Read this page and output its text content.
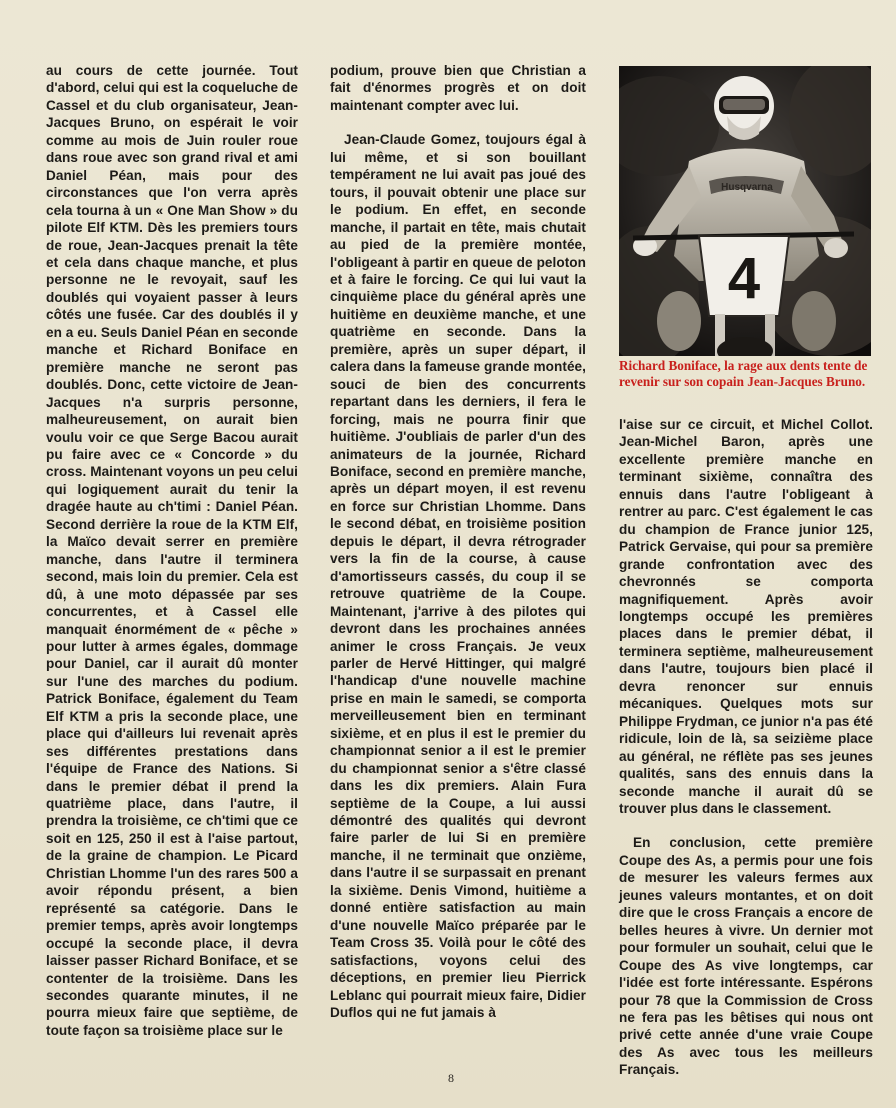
au cours de cette journée. Tout d'abord, celui qui est la coqueluche de Cassel et du club organisateur, Jean-Jacques Bruno, on espérait le voir comme au mois de Juin rouler roue dans roue avec son grand rival et ami Daniel Péan, mais pour des circonstances que l'on verra après cela tourna à un « One Man Show » du pilote Elf KTM. Dès les premiers tours de roue, Jean-Jacques prenait la tête et cela dans chaque manche, et plus personne ne le revoyait, sauf les doublés qui voyaient passer à leurs côtés une fusée. Car des doublés il y en a eu. Seuls Daniel Péan en seconde manche et Richard Boniface en première manche ne seront pas doublés. Donc, cette victoire de Jean-Jacques n'a surpris personne, malheureusement, on aurait bien voulu voir ce que Serge Bacou aurait pu faire avec ce « Concorde » du cross. Maintenant voyons un peu celui qui logiquement aurait du tenir la dragée haute au ch'timi : Daniel Péan. Second derrière la roue de la KTM Elf, la Maïco devait serrer en première manche, dans l'autre il terminera second, mais loin du premier. Cela est dû, à une moto dépassée par ses concurrentes, et à Cassel elle manquait énormément de « pêche » pour lutter à armes égales, dommage pour Daniel, car il aurait dû monter sur l'une des marches du podium. Patrick Boniface, également du Team Elf KTM a pris la seconde place, une place qui d'ailleurs lui revenait après ses différentes prestations dans l'équipe de France des Nations. Si dans le premier débat il prend la quatrième place, dans l'autre, il prendra la troisième, ce ch'timi que ce soit en 125, 250 il est à l'aise partout, de la graine de champion. Le Picard Christian Lhomme l'un des rares 500 a avoir répondu présent, a bien représenté sa catégorie. Dans le premier temps, après avoir longtemps occupé la seconde place, il devra laisser passer Richard Boniface, et se contenter de la troisième. Dans les secondes quarante minutes, il ne pourra mieux faire que septième, de toute façon sa troisième place sur le

podium, prouve bien que Christian a fait d'énormes progrès et on doit maintenant compter avec lui.

Jean-Claude Gomez, toujours égal à lui même, et si son bouillant tempérament ne lui avait pas joué des tours, il pouvait obtenir une place sur le podium. En effet, en seconde manche, il partait en tête, mais chutait au pied de la première montée, l'obligeant à partir en queue de peloton et à faire le forcing. Ce qui lui vaut la cinquième place du général après une huitième en deuxième manche, et une quatrième en seconde. Dans la première, après un super départ, il calera dans la fameuse grande montée, souci de bien des concurrents repartant dans les derniers, il fera le forcing, mais ne pourra finir que huitième. J'oubliais de parler d'un des animateurs de la journée, Richard Boniface, second en première manche, après un départ moyen, il est revenu en force sur Christian Lhomme. Dans le second débat, en troisième position depuis le départ, il devra rétrograder vers la fin de la course, à cause d'amortisseurs cassés, du coup il se retrouve quatrième de la Coupe. Maintenant, j'arrive à des pilotes qui devront dans les prochaines années animer le cross Français. Je veux parler de Hervé Hittinger, qui malgré l'handicap d'une nouvelle machine prise en main le samedi, se comporta merveilleusement bien en terminant sixième, et en plus il est le premier du championnat senior a il est le premier du championnat senior a s'être classé dans les dix premiers. Alain Fura septième de la Coupe, a lui aussi démontré des qualités qui devront faire parler de lui Si en première manche, il ne terminait que onzième, dans l'autre il se surpassait en prenant la sixième. Denis Vimond, huitième a donné entière satisfaction au main d'une nouvelle Maïco préparée par le Team Cross 35. Voilà pour le côté des satisfactions, voyons celui des déceptions, en premier lieu Pierrick Leblanc qui pourrait mieux faire, Didier Duflos qui ne fut jamais à

Husqvarna
4
Richard Boniface, la rage aux dents tente de revenir sur son copain Jean-Jacques Bruno.

l'aise sur ce circuit, et Michel Collot. Jean-Michel Baron, après une excellente première manche en terminant sixième, connaîtra des ennuis dans l'autre l'obligeant à rentrer au parc. C'est également le cas du champion de France junior 125, Patrick Gervaise, qui pour sa première grande confrontation avec des chevronnés se comporta magnifiquement. Après avoir longtemps occupé les premières places dans le premier débat, il terminera septième, malheureusement dans l'autre, toujours bien placé il devra renoncer sur ennuis mécaniques. Quelques mots sur Philippe Frydman, ce junior n'a pas été ridicule, loin de là, sa seizième place au général, ne réflète pas ses jeunes qualités, sans des ennuis dans la seconde manche il aurait dû se trouver plus dans le classement.

En conclusion, cette première Coupe des As, a permis pour une fois de mesurer les valeurs fermes aux jeunes valeurs montantes, et on doit dire que le cross Français a encore de belles heures à vivre. Un dernier mot pour formuler un souhait, celui que le Coupe des As vive longtemps, car l'idée est forte intéressante. Espérons pour 78 que la Commission de Cross ne fera pas les bêtises qui nous ont privé cette année d'une vraie Coupe des As avec tous les meilleurs Français.

8
